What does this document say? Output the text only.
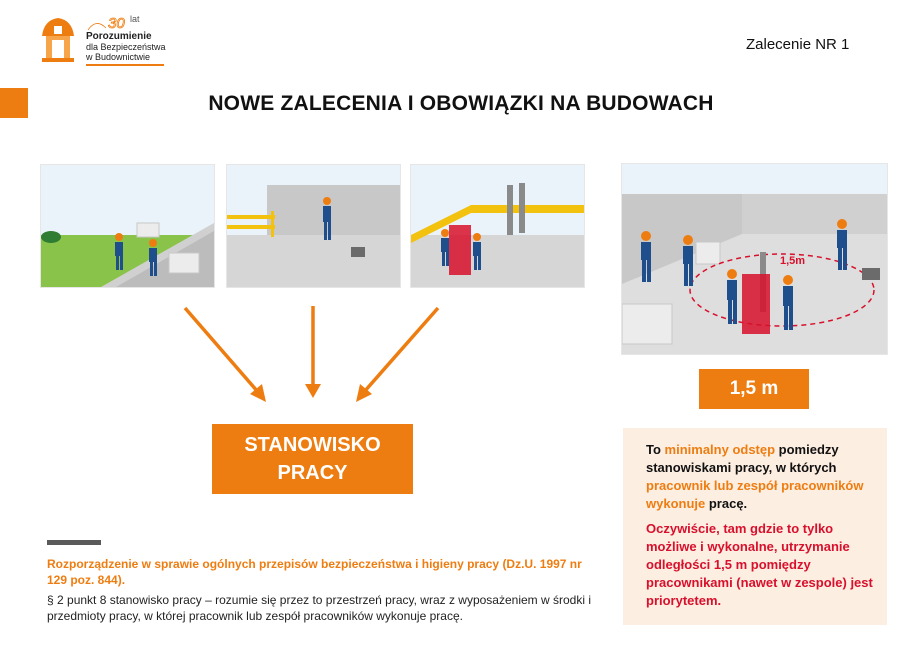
30 lat
Porozumienie
dla Bezpieczeństwa
w Budownictwie
Zalecenie NR 1
NOWE ZALECENIA I OBOWIĄZKI NA BUDOWACH
STANOWISKO
PRACY
1,5m
1,5 m
Rozporządzenie w sprawie ogólnych przepisów bezpieczeństwa i higieny pracy (Dz.U. 1997 nr 129 poz. 844).
§ 2 punkt 8 stanowisko pracy – rozumie się przez to przestrzeń pracy, wraz z wyposażeniem w środki i przedmioty pracy, w której pracownik lub zespół pracowników wykonuje pracę.
To minimalny odstęp pomiedzy stanowiskami pracy, w których pracownik lub zespół pracowników wykonuje pracę.
Oczywiście, tam gdzie to tylko możliwe i wykonalne, utrzymanie odległości 1,5 m pomiędzy pracownikami (nawet w zespole) jest priorytetem.
